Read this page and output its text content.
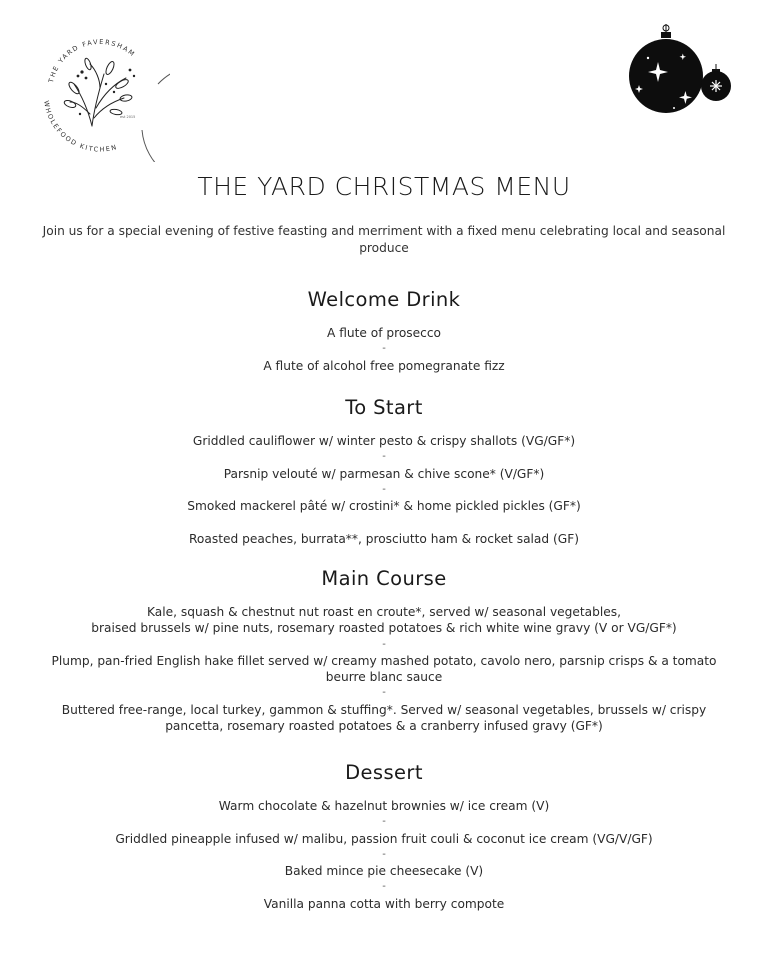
THE YARD FAVERSHAM
WHOLEFOOD KITCHEN
est 2015
THE YARD CHRISTMAS MENU
Join us for a special evening of festive feasting and merriment with a fixed menu celebrating local and seasonal produce
Welcome Drink
A flute of prosecco
-
A flute of alcohol free pomegranate fizz
To Start
Griddled cauliflower w/ winter pesto & crispy shallots (VG/GF*)
-
Parsnip velouté w/ parmesan & chive scone* (V/GF*)
-
Smoked mackerel pâté w/ crostini* & home pickled pickles (GF*)

Roasted peaches, burrata**, prosciutto ham & rocket salad (GF)
Main Course
Kale, squash & chestnut nut roast en croute*, served w/ seasonal vegetables,
braised brussels w/ pine nuts, rosemary roasted potatoes & rich white wine gravy (V or VG/GF*)
-
Plump, pan-fried English hake fillet served w/ creamy mashed potato, cavolo nero, parsnip crisps & a tomato
beurre blanc sauce
-
Buttered free-range, local turkey, gammon & stuffing*. Served w/ seasonal vegetables, brussels w/ crispy
pancetta, rosemary roasted potatoes & a cranberry infused gravy (GF*)
Dessert
Warm chocolate & hazelnut brownies w/ ice cream (V)
-
Griddled pineapple infused w/ malibu, passion fruit couli & coconut ice cream (VG/V/GF)
-
Baked mince pie cheesecake (V)
-
Vanilla panna cotta with berry compote
